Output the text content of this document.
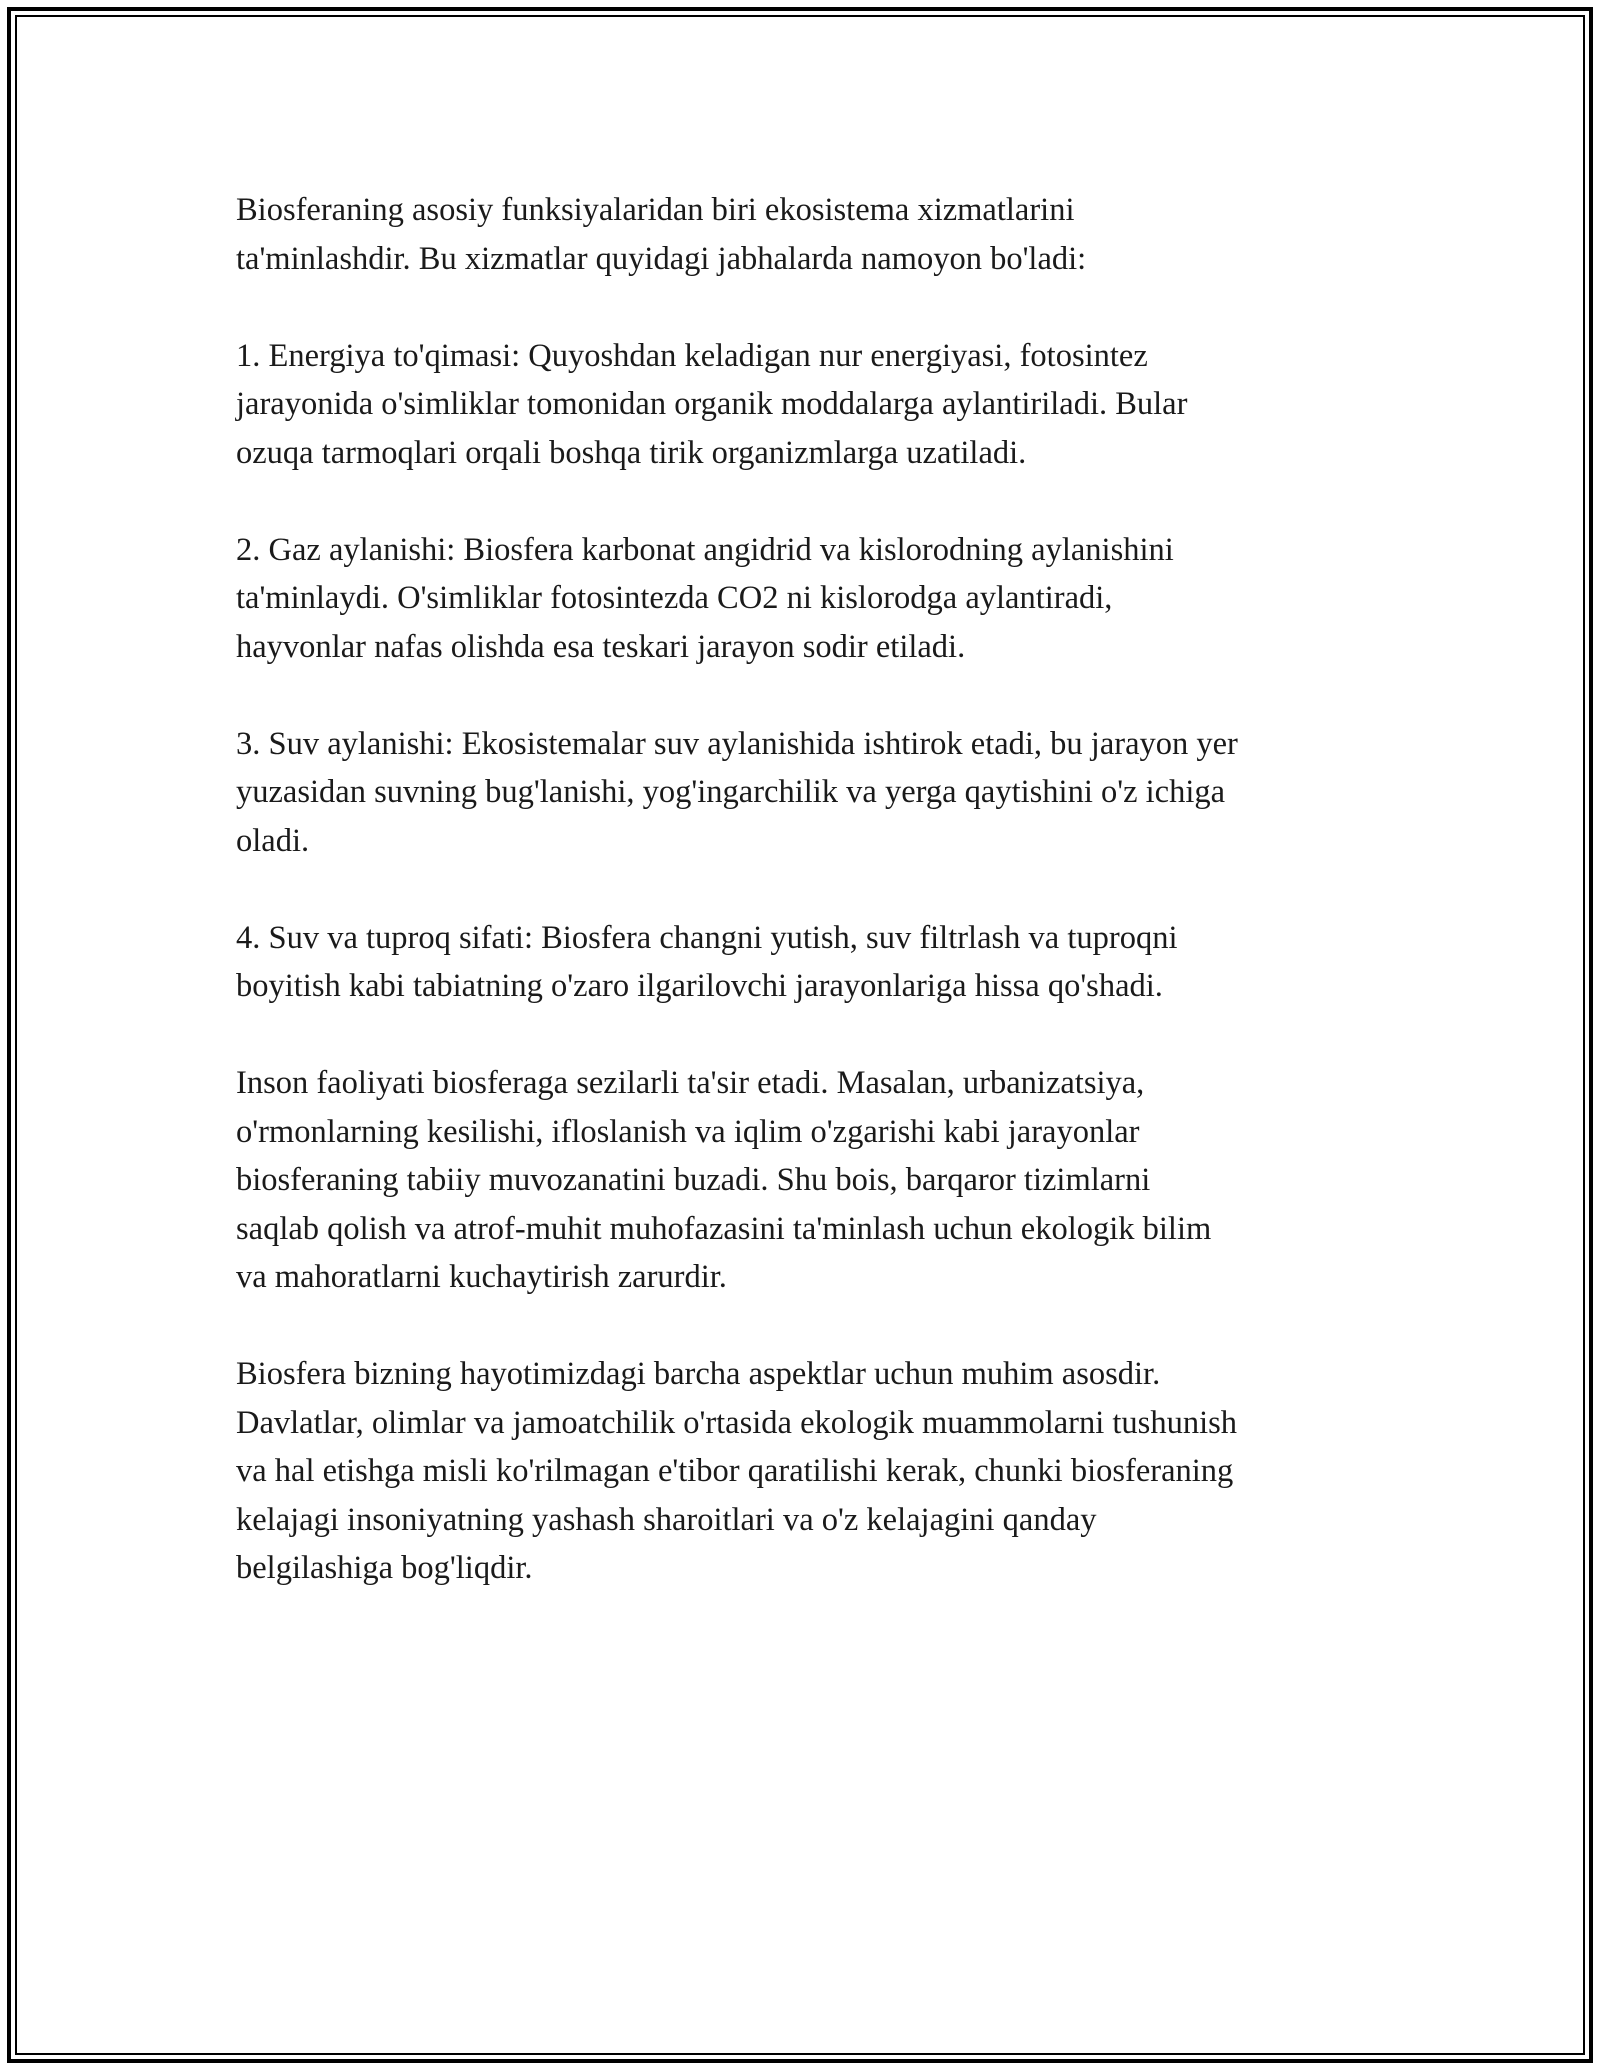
Biosferaning asosiy funksiyalaridan biri ekosistema xizmatlarini
ta'minlashdir. Bu xizmatlar quyidagi jabhalarda namoyon bo'ladi:
1. Energiya to'qimasi: Quyoshdan keladigan nur energiyasi, fotosintez
jarayonida o'simliklar tomonidan organik moddalarga aylantiriladi. Bular
ozuqa tarmoqlari orqali boshqa tirik organizmlarga uzatiladi.
2. Gaz aylanishi: Biosfera karbonat angidrid va kislorodning aylanishini
ta'minlaydi. O'simliklar fotosintezda CO2 ni kislorodga aylantiradi,
hayvonlar nafas olishda esa teskari jarayon sodir etiladi.
3. Suv aylanishi: Ekosistemalar suv aylanishida ishtirok etadi, bu jarayon yer
yuzasidan suvning bug'lanishi, yog'ingarchilik va yerga qaytishini o'z ichiga
oladi.
4. Suv va tuproq sifati: Biosfera changni yutish, suv filtrlash va tuproqni
boyitish kabi tabiatning o'zaro ilgarilovchi jarayonlariga hissa qo'shadi.
Inson faoliyati biosferaga sezilarli ta'sir etadi. Masalan, urbanizatsiya,
o'rmonlarning kesilishi, ifloslanish va iqlim o'zgarishi kabi jarayonlar
biosferaning tabiiy muvozanatini buzadi. Shu bois, barqaror tizimlarni
saqlab qolish va atrof-muhit muhofazasini ta'minlash uchun ekologik bilim
va mahoratlarni kuchaytirish zarurdir.
Biosfera bizning hayotimizdagi barcha aspektlar uchun muhim asosdir.
Davlatlar, olimlar va jamoatchilik o'rtasida ekologik muammolarni tushunish
va hal etishga misli ko'rilmagan e'tibor qaratilishi kerak, chunki biosferaning
kelajagi insoniyatning yashash sharoitlari va o'z kelajagini qanday
belgilashiga bog'liqdir.
